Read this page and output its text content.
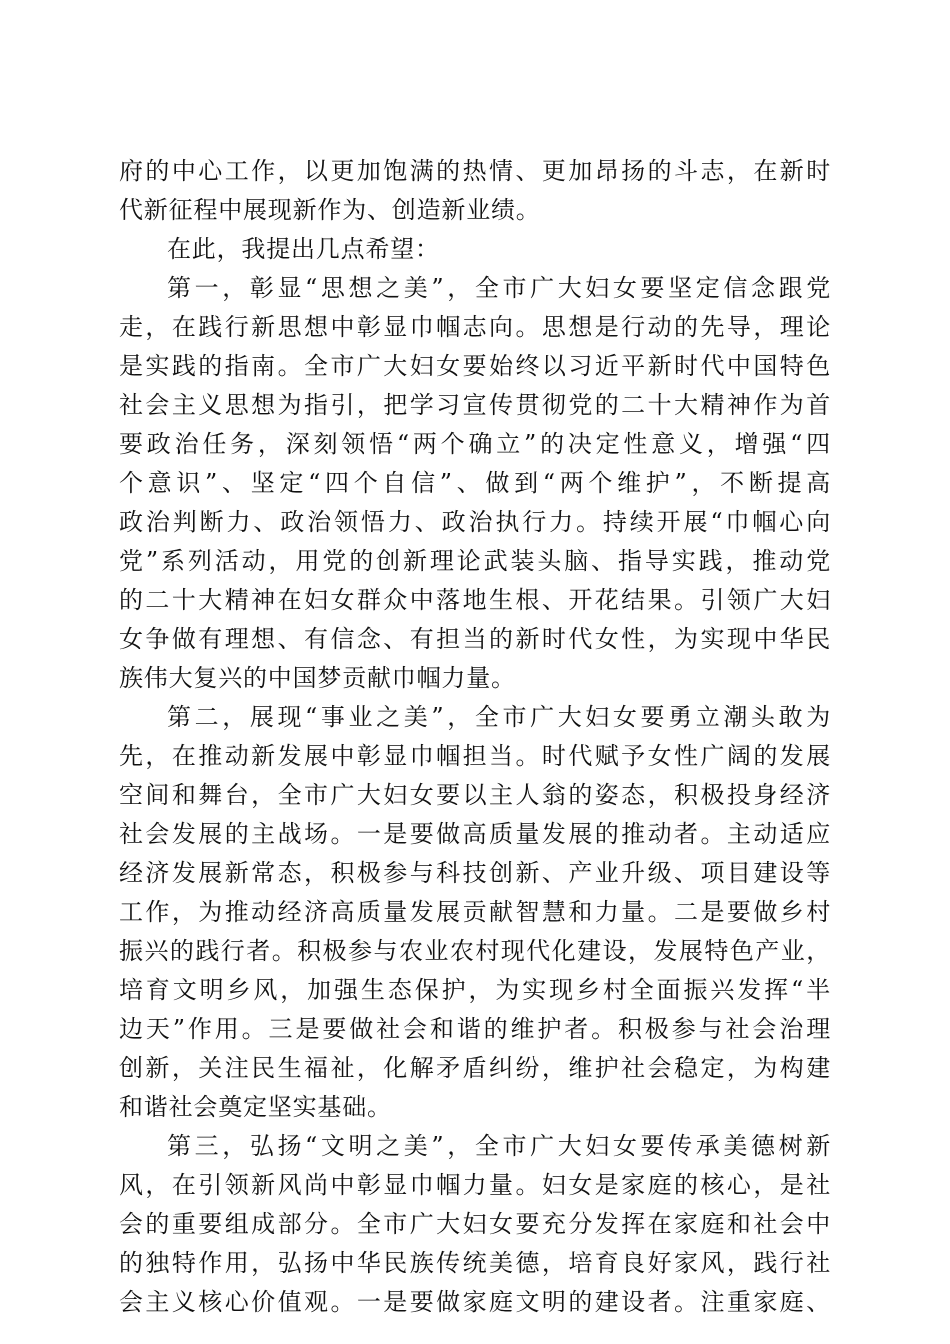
府的中心工作，以更加饱满的热情、更加昂扬的斗志，在新时
代新征程中展现新作为、创造新业绩。
在此，我提出几点希望：
第一，彰显“思想之美”，全市广大妇女要坚定信念跟党
走，在践行新思想中彰显巾帼志向。思想是行动的先导，理论
是实践的指南。全市广大妇女要始终以习近平新时代中国特色
社会主义思想为指引，把学习宣传贯彻党的二十大精神作为首
要政治任务，深刻领悟“两个确立”的决定性意义，增强“四
个意识”、坚定“四个自信”、做到“两个维护”，不断提高
政治判断力、政治领悟力、政治执行力。持续开展“巾帼心向
党”系列活动，用党的创新理论武装头脑、指导实践，推动党
的二十大精神在妇女群众中落地生根、开花结果。引领广大妇
女争做有理想、有信念、有担当的新时代女性，为实现中华民
族伟大复兴的中国梦贡献巾帼力量。
第二，展现“事业之美”，全市广大妇女要勇立潮头敢为
先，在推动新发展中彰显巾帼担当。时代赋予女性广阔的发展
空间和舞台，全市广大妇女要以主人翁的姿态，积极投身经济
社会发展的主战场。一是要做高质量发展的推动者。主动适应
经济发展新常态，积极参与科技创新、产业升级、项目建设等
工作，为推动经济高质量发展贡献智慧和力量。二是要做乡村
振兴的践行者。积极参与农业农村现代化建设，发展特色产业，
培育文明乡风，加强生态保护，为实现乡村全面振兴发挥“半
边天”作用。三是要做社会和谐的维护者。积极参与社会治理
创新，关注民生福祉，化解矛盾纠纷，维护社会稳定，为构建
和谐社会奠定坚实基础。
第三，弘扬“文明之美”，全市广大妇女要传承美德树新
风，在引领新风尚中彰显巾帼力量。妇女是家庭的核心，是社
会的重要组成部分。全市广大妇女要充分发挥在家庭和社会中
的独特作用，弘扬中华民族传统美德，培育良好家风，践行社
会主义核心价值观。一是要做家庭文明的建设者。注重家庭、
